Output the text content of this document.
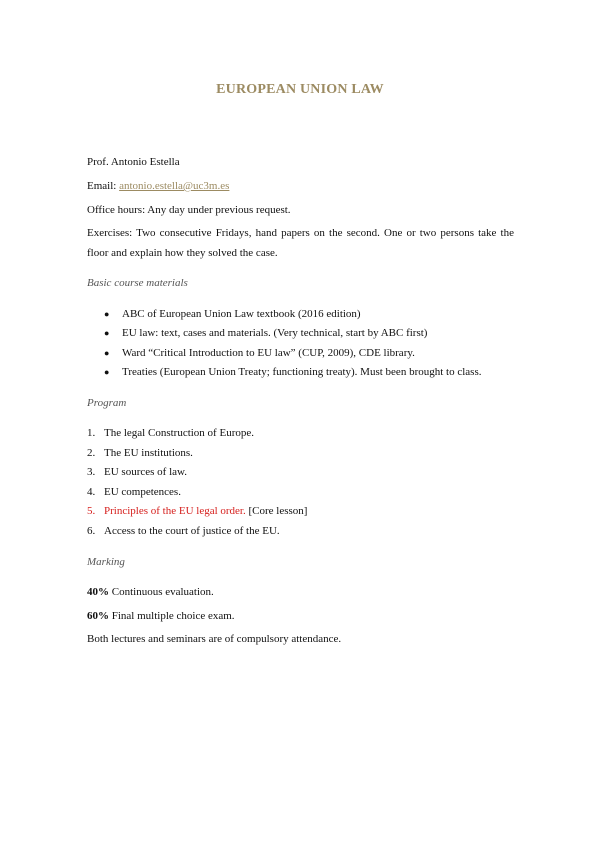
EUROPEAN UNION LAW
Prof. Antonio Estella
Email: antonio.estella@uc3m.es
Office hours: Any day under previous request.
Exercises: Two consecutive Fridays, hand papers on the second. One or two persons take the floor and explain how they solved the case.
Basic course materials
● ABC of European Union Law textbook (2016 edition)
● EU law: text, cases and materials. (Very technical, start by ABC first)
● Ward “Critical Introduction to EU law” (CUP, 2009), CDE library.
● Treaties (European Union Treaty; functioning treaty). Must been brought to class.
Program
1. The legal Construction of Europe.
2. The EU institutions.
3. EU sources of law.
4. EU competences.
5. Principles of the EU legal order. [Core lesson]
6. Access to the court of justice of the EU.
Marking
40% Continuous evaluation.
60% Final multiple choice exam.
Both lectures and seminars are of compulsory attendance.
